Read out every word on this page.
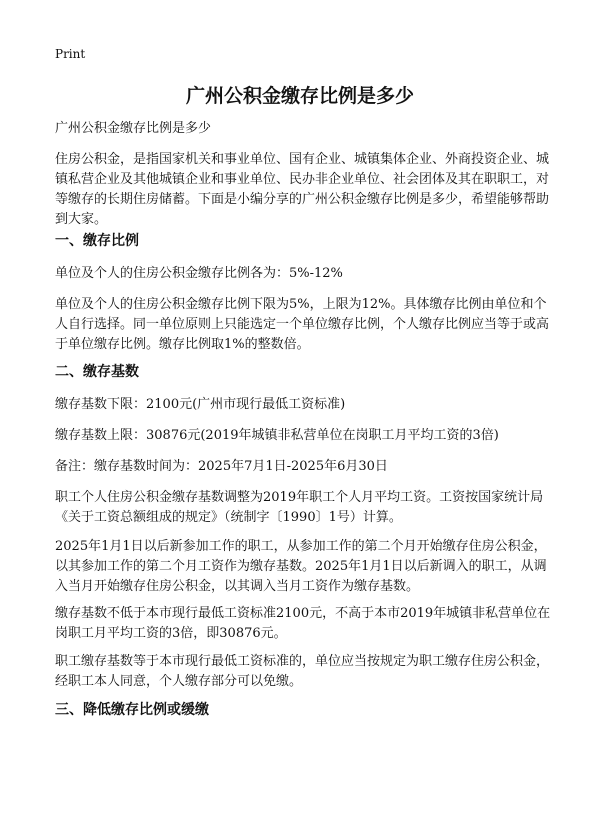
Print
广州公积金缴存比例是多少

广州公积金缴存比例是多少

住房公积金，是指国家机关和事业单位、国有企业、城镇集体企业、外商投资企业、城镇私营企业及其他城镇企业和事业单位、民办非企业单位、社会团体及其在职职工，对等缴存的长期住房储蓄。下面是小编分享的广州公积金缴存比例是多少，希望能够帮助到大家。

一、缴存比例

单位及个人的住房公积金缴存比例各为：5%-12%

单位及个人的住房公积金缴存比例下限为5%，上限为12%。具体缴存比例由单位和个人自行选择。同一单位原则上只能选定一个单位缴存比例，个人缴存比例应当等于或高于单位缴存比例。缴存比例取1%的整数倍。

二、缴存基数

缴存基数下限：2100元(广州市现行最低工资标准)

缴存基数上限：30876元(2019年城镇非私营单位在岗职工月平均工资的3倍)

备注：缴存基数时间为：2025年7月1日-2025年6月30日

职工个人住房公积金缴存基数调整为2019年职工个人月平均工资。工资按国家统计局《关于工资总额组成的规定》（统制字〔1990〕1号）计算。

2025年1月1日以后新参加工作的职工，从参加工作的第二个月开始缴存住房公积金，以其参加工作的第二个月工资作为缴存基数。2025年1月1日以后新调入的职工，从调入当月开始缴存住房公积金，以其调入当月工资作为缴存基数。

缴存基数不低于本市现行最低工资标准2100元，不高于本市2019年城镇非私营单位在岗职工月平均工资的3倍，即30876元。

职工缴存基数等于本市现行最低工资标准的，单位应当按规定为职工缴存住房公积金，经职工本人同意，个人缴存部分可以免缴。

三、降低缴存比例或缓缴
